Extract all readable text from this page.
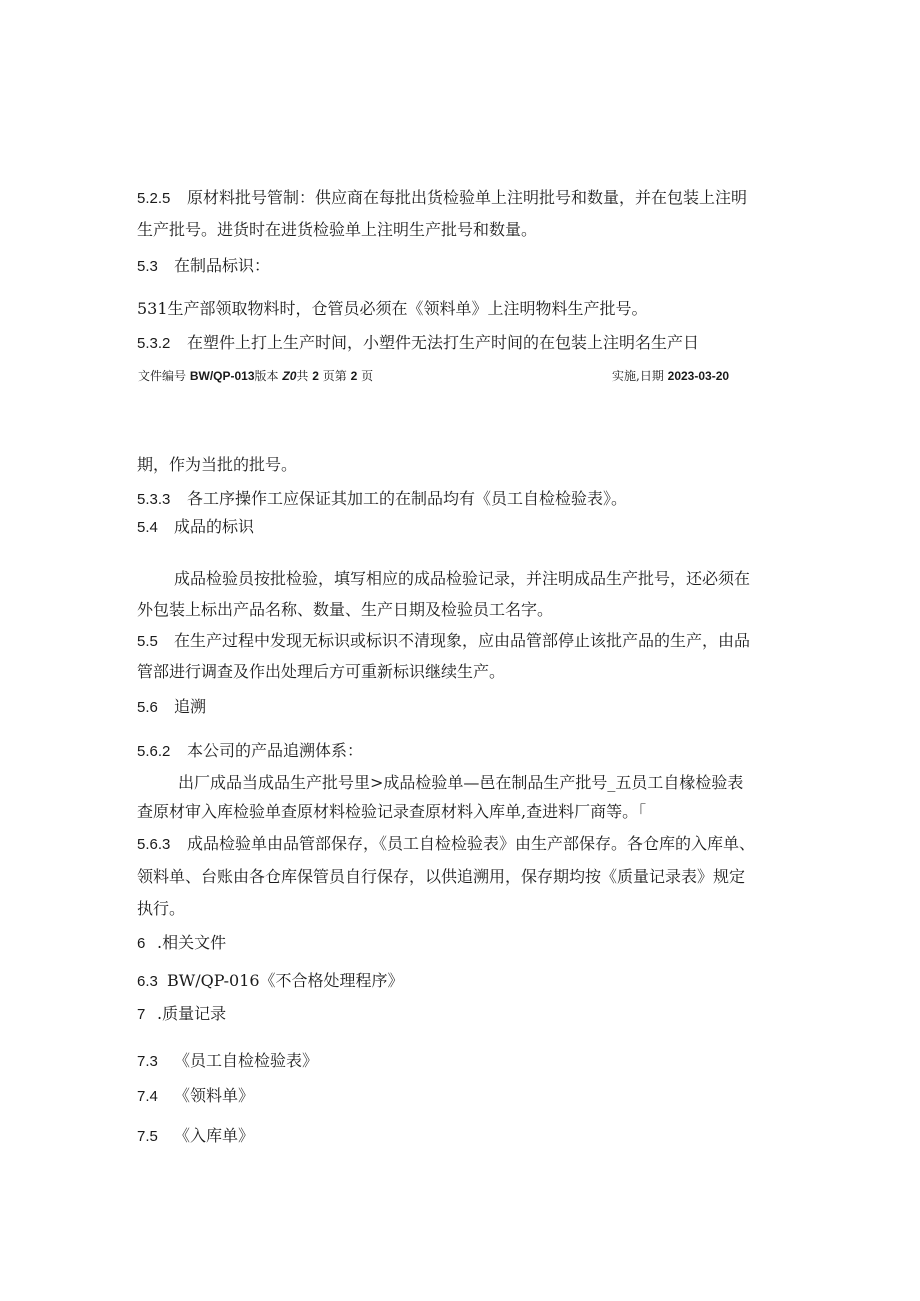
5.2.5 原材料批号管制：供应商在每批出货检验单上注明批号和数量，并在包装上注明
生产批号。进货时在进货检验单上注明生产批号和数量。
5.3 在制品标识：
531生产部领取物料时，仓管员必须在《领料单》上注明物料生产批号。
5.3.2 在塑件上打上生产时间，小塑件无法打生产时间的在包装上注明名生产日
文件编号 BW/QP-013版本 Z0共 2 页第 2 页	实施,日期 2023-03-20
期，作为当批的批号。
5.3.3 各工序操作工应保证其加工的在制品均有《员工自检检验表》。
5.4 成品的标识
成品检验员按批检验，填写相应的成品检验记录，并注明成品生产批号，还必须在
外包装上标出产品名称、数量、生产日期及检验员工名字。
5.5 在生产过程中发现无标识或标识不清现象，应由品管部停止该批产品的生产，由品
管部进行调查及作出处理后方可重新标识继续生产。
5.6 追溯
5.6.2 本公司的产品追溯体系：
出厂成品当成品生产批号里>成品检验单—邑在制品生产批号_五员工自椽检验表
查原材审入库检验单查原材料检验记录查原材料入库单,查进料厂商等。「
5.6.3 成品检验单由品管部保存，《员工自检检验表》由生产部保存。各仓库的入库单、
领料单、台账由各仓库保管员自行保存，以供追溯用，保存期均按《质量记录表》规定
执行。
6 .相关文件
6.3 BW/QP-016《不合格处理程序》
7 .质量记录
7.3 《员工自检检验表》
7.4 《领料单》
7.5 《入库单》
